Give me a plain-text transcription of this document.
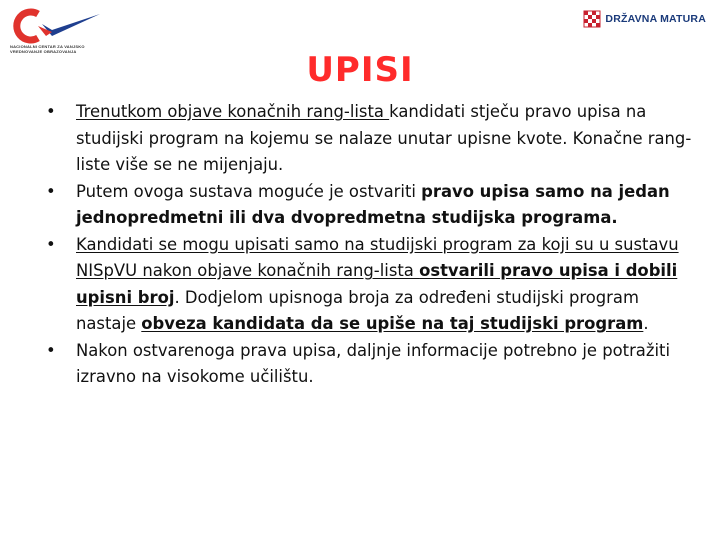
NACIONALNI CENTAR ZA VANJSKO VREDNOVANJE OBRAZOVANJA
DRŽAVNA MATURA
UPISI
• Trenutkom objave konačnih rang-lista kandidati stječu pravo upisa na studijski program na kojemu se nalaze unutar upisne kvote. Konačne rang-liste više se ne mijenjaju.
• Putem ovoga sustava moguće je ostvariti pravo upisa samo na jedan jednopredmetni ili dva dvopredmetna studijska programa.
• Kandidati se mogu upisati samo na studijski program za koji su u sustavu NISpVU nakon objave konačnih rang-lista ostvarili pravo upisa i dobili upisni broj. Dodjelom upisnoga broja za određeni studijski program nastaje obveza kandidata da se upiše na taj studijski program.
• Nakon ostvarenoga prava upisa, daljnje informacije potrebno je potražiti izravno na visokome učilištu.
